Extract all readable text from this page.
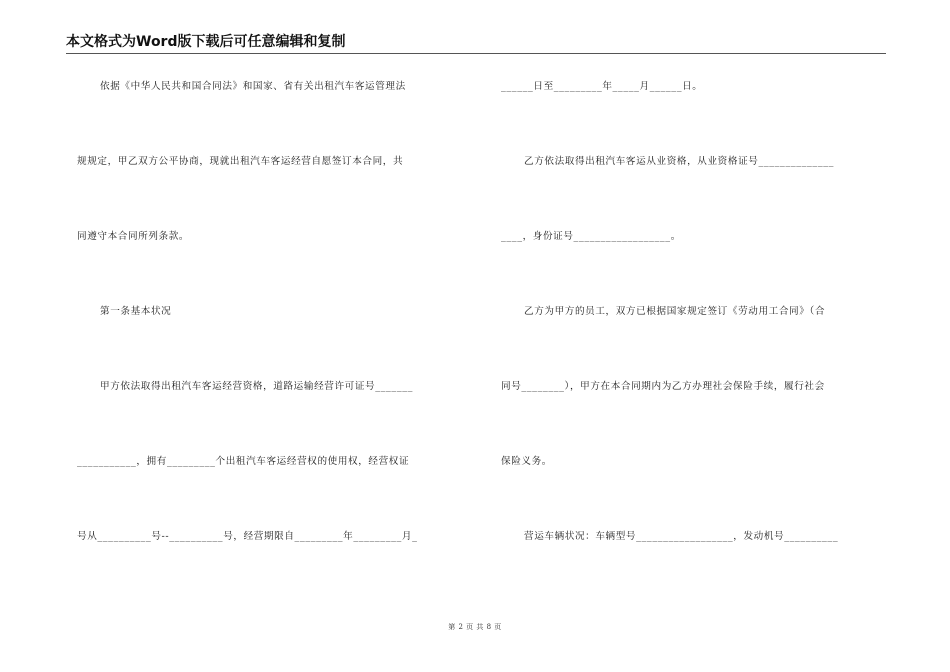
本文格式为Word版下载后可任意编辑和复制
依据《中华人民共和国合同法》和国家、省有关出租汽车客运管理法
规规定，甲乙双方公平协商，现就出租汽车客运经营自愿签订本合同，共
同遵守本合同所列条款。
第一条基本状况
甲方依法取得出租汽车客运经营资格，道路运输经营许可证号_______
___________，拥有_________个出租汽车客运经营权的使用权，经营权证
号从__________号--__________号，经营期限自_________年_________月_
______日至_________年_____月______日。
乙方依法取得出租汽车客运从业资格，从业资格证号______________
____，身份证号__________________。
乙方为甲方的员工，双方已根据国家规定签订《劳动用工合同》（合
同号________），甲方在本合同期内为乙方办理社会保险手续，履行社会
保险义务。
营运车辆状况：车辆型号__________________，发动机号__________
第 2 页 共 8 页
